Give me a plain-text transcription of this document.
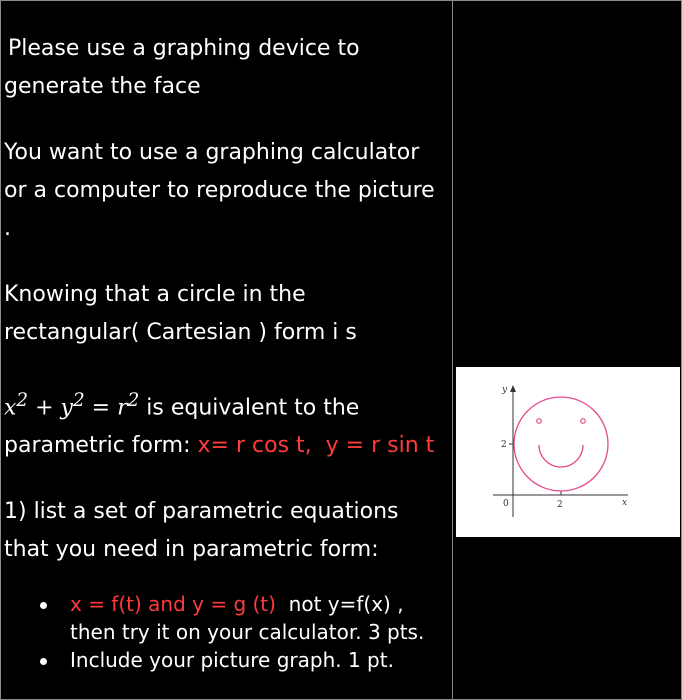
Please use a graphing device to
generate the face
You want to use a graphing calculator
or a computer to reproduce the picture
.
Knowing that a circle in the
rectangular( Cartesian ) form i s
$x^2 + y^2 = r^2$ is equivalent to the
parametric form: x= r cos t, y = r sin t
1) list a set of parametric equations
that you need in parametric form:
x = f(t) and y = g (t) not y=f(x) ,
then try it on your calculator. 3 pts.
Include your picture graph. 1 pt.
y
x
0	2
2
